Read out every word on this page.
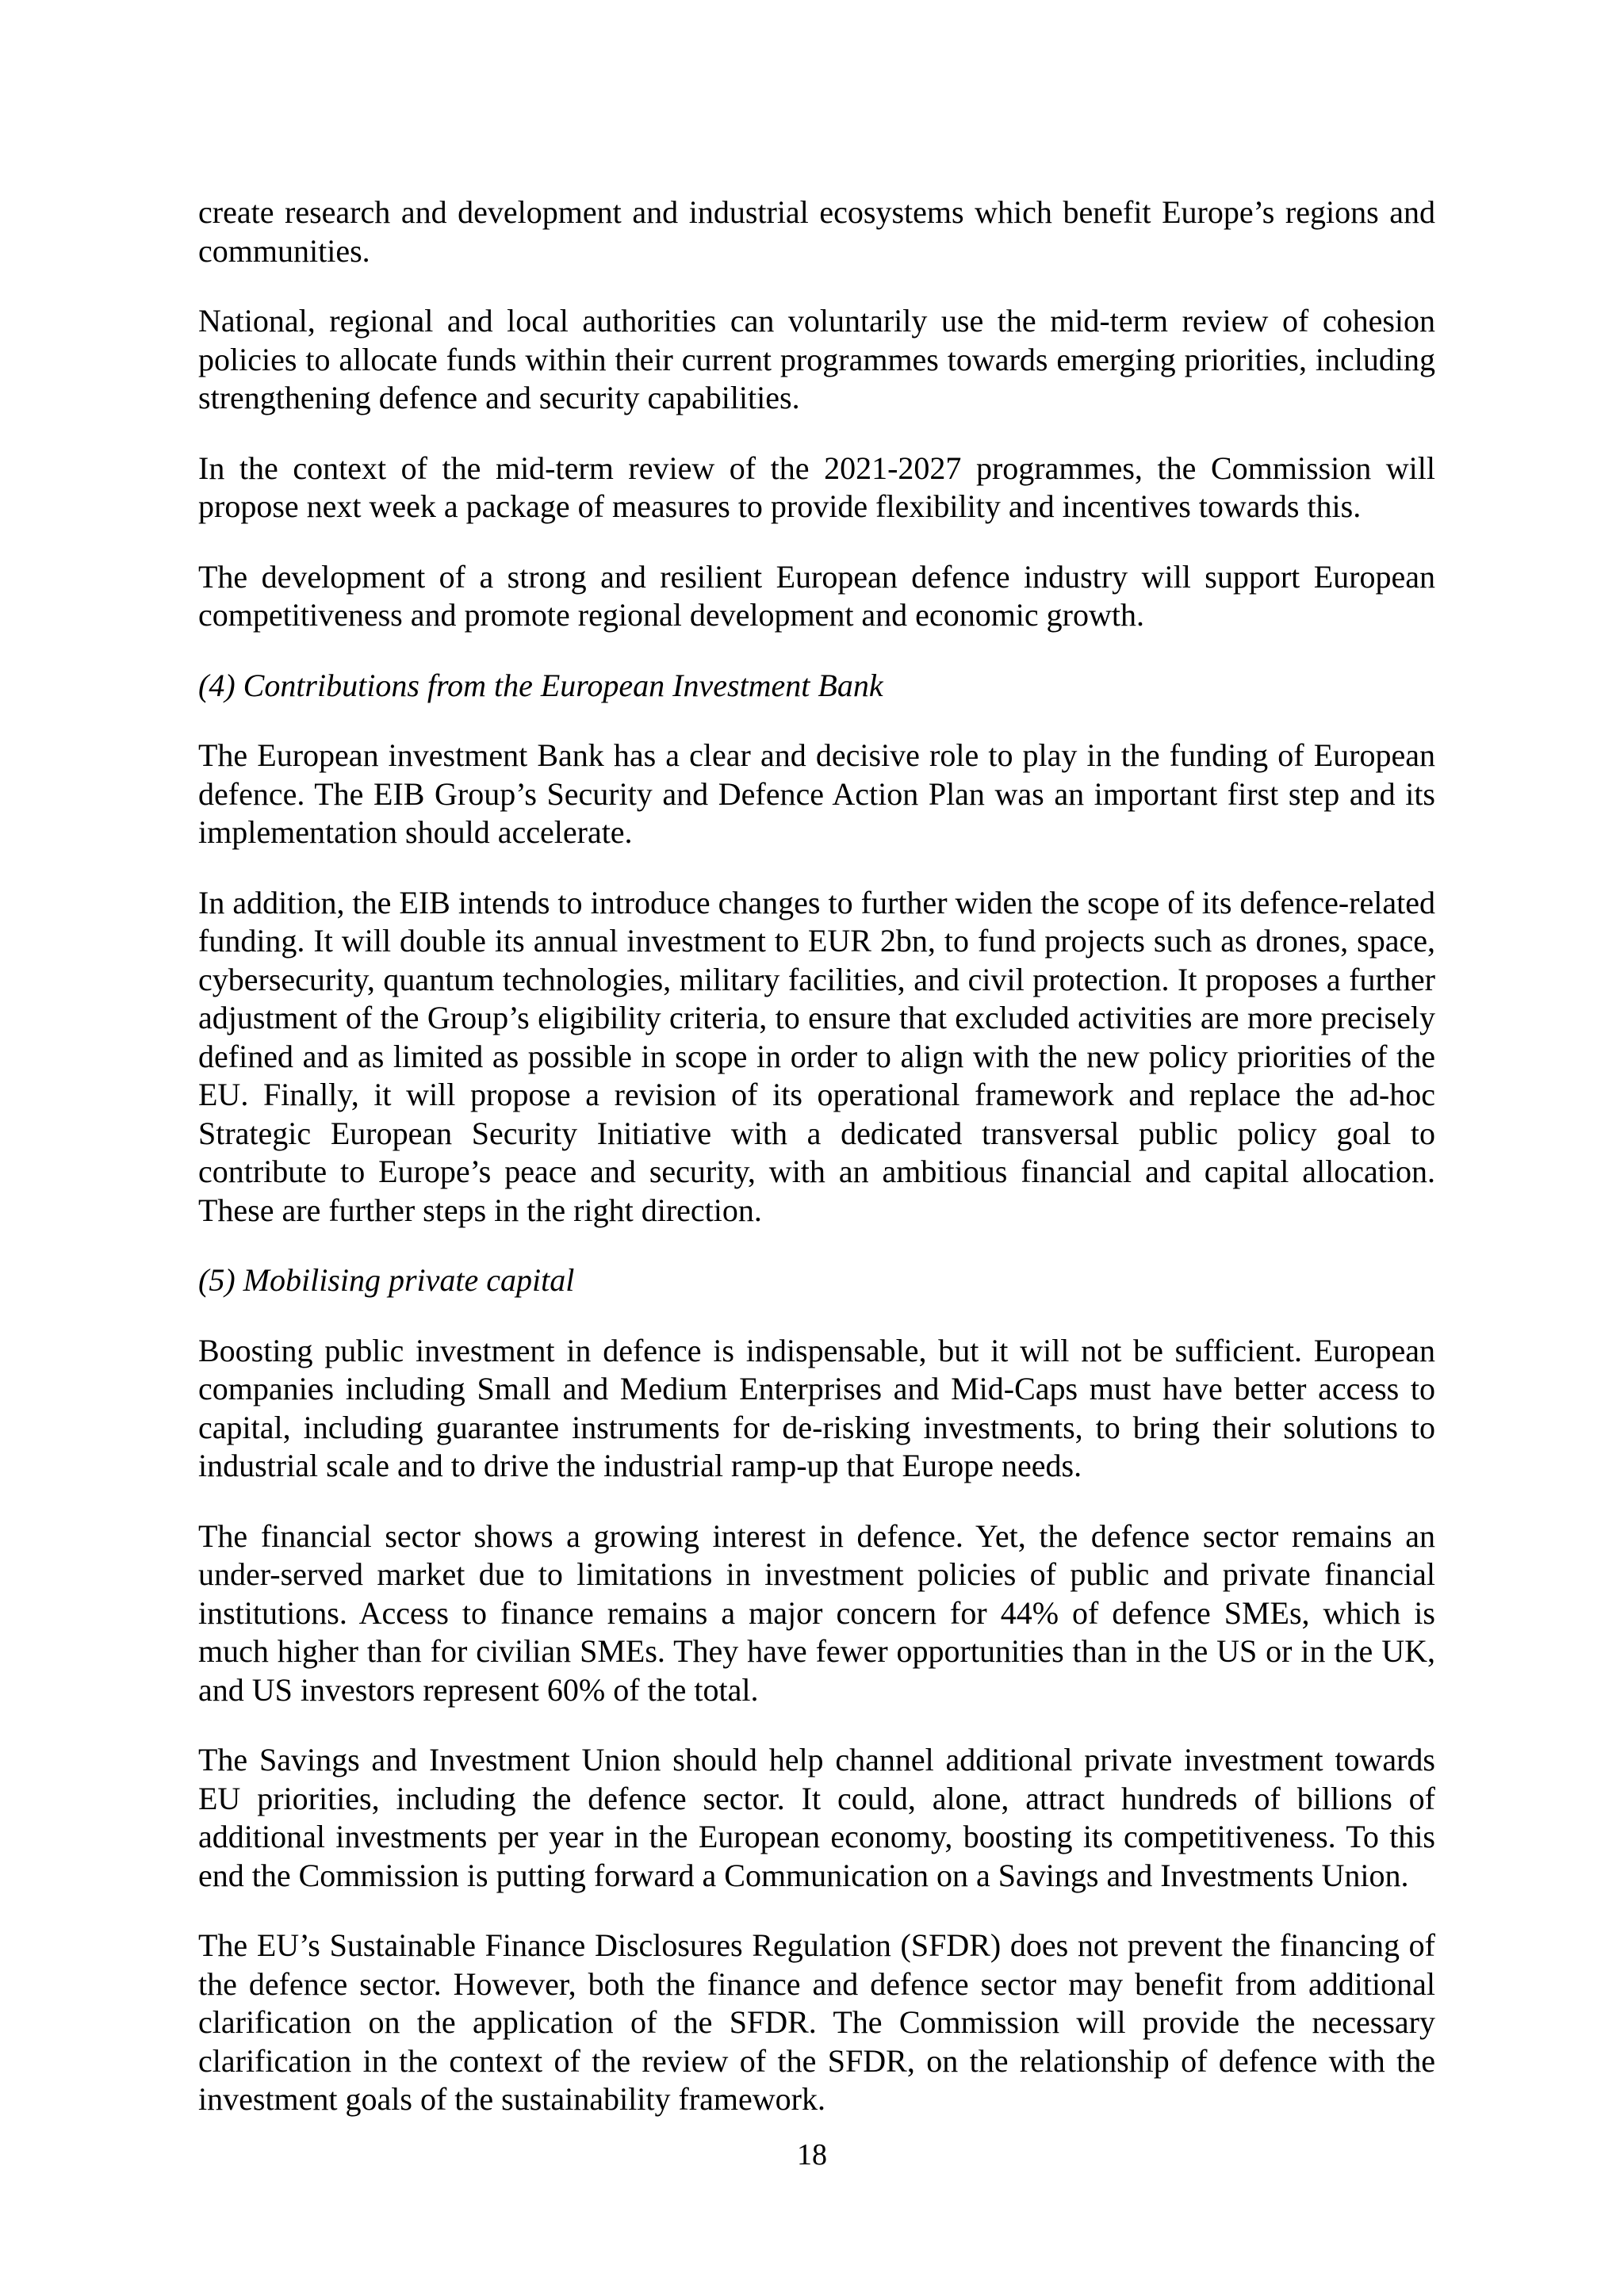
create research and development and industrial ecosystems which benefit Europe’s regions and communities.

National, regional and local authorities can voluntarily use the mid-term review of cohesion policies to allocate funds within their current programmes towards emerging priorities, including strengthening defence and security capabilities.

In the context of the mid-term review of the 2021-2027 programmes, the Commission will propose next week a package of measures to provide flexibility and incentives towards this.

The development of a strong and resilient European defence industry will support European competitiveness and promote regional development and economic growth.

(4) Contributions from the European Investment Bank

The European investment Bank has a clear and decisive role to play in the funding of European defence. The EIB Group’s Security and Defence Action Plan was an important first step and its implementation should accelerate.

In addition, the EIB intends to introduce changes to further widen the scope of its defence-related funding. It will double its annual investment to EUR 2bn, to fund projects such as drones, space, cybersecurity, quantum technologies, military facilities, and civil protection. It proposes a further adjustment of the Group’s eligibility criteria, to ensure that excluded activities are more precisely defined and as limited as possible in scope in order to align with the new policy priorities of the EU. Finally, it will propose a revision of its operational framework and replace the ad-hoc Strategic European Security Initiative with a dedicated transversal public policy goal to contribute to Europe’s peace and security, with an ambitious financial and capital allocation. These are further steps in the right direction.

(5) Mobilising private capital

Boosting public investment in defence is indispensable, but it will not be sufficient. European companies including Small and Medium Enterprises and Mid-Caps must have better access to capital, including guarantee instruments for de-risking investments, to bring their solutions to industrial scale and to drive the industrial ramp-up that Europe needs.

The financial sector shows a growing interest in defence. Yet, the defence sector remains an under-served market due to limitations in investment policies of public and private financial institutions. Access to finance remains a major concern for 44% of defence SMEs, which is much higher than for civilian SMEs. They have fewer opportunities than in the US or in the UK, and US investors represent 60% of the total.

The Savings and Investment Union should help channel additional private investment towards EU priorities, including the defence sector. It could, alone, attract hundreds of billions of additional investments per year in the European economy, boosting its competitiveness. To this end the Commission is putting forward a Communication on a Savings and Investments Union.

The EU’s Sustainable Finance Disclosures Regulation (SFDR) does not prevent the financing of the defence sector. However, both the finance and defence sector may benefit from additional clarification on the application of the SFDR. The Commission will provide the necessary clarification in the context of the review of the SFDR, on the relationship of defence with the investment goals of the sustainability framework.

18
